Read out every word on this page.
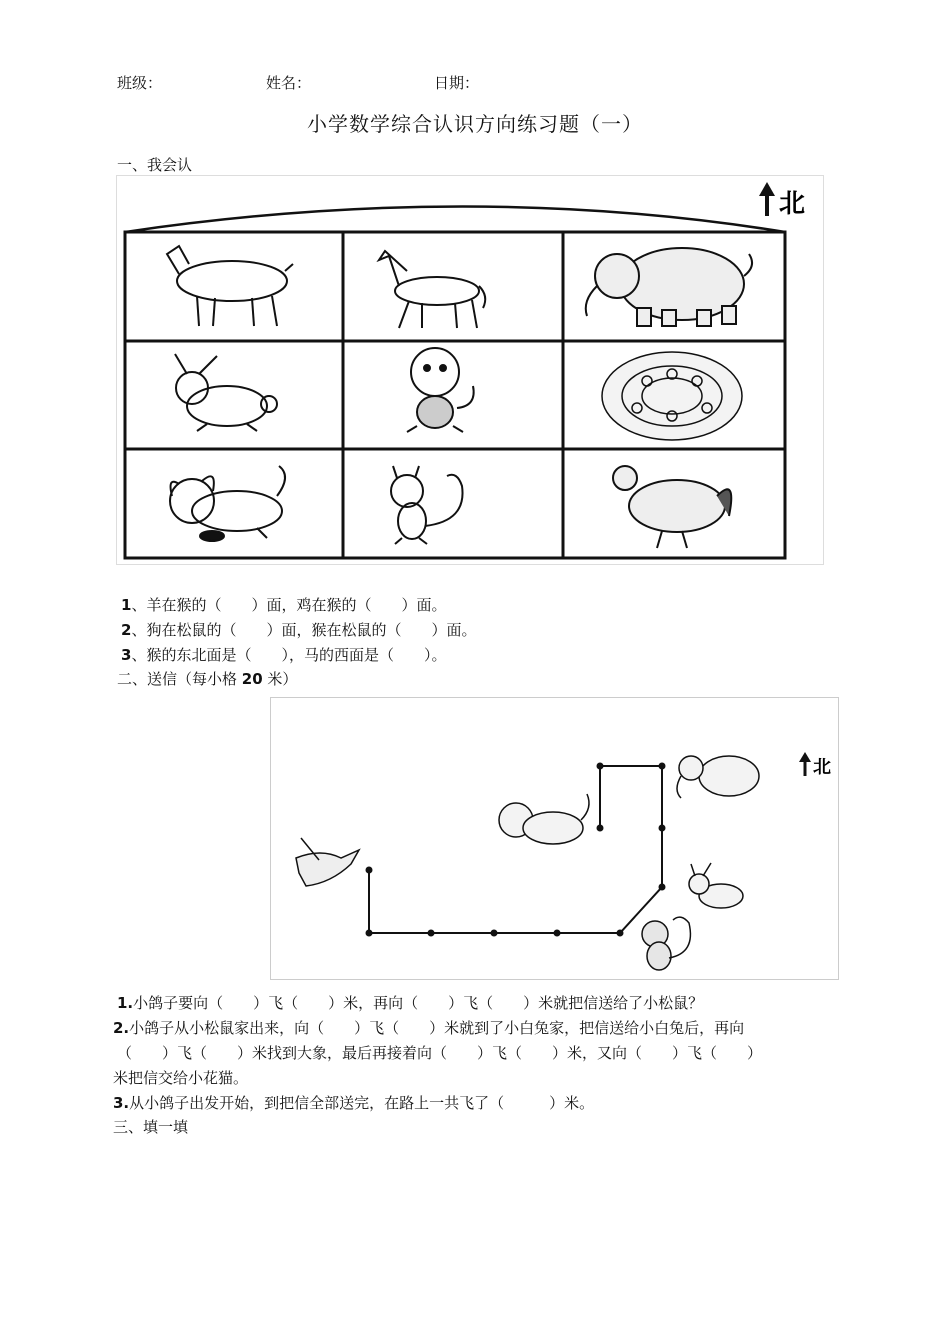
班级：	姓名：	日期：
小学数学综合认识方向练习题（一）
一、我会认
北
1、羊在猴的（　　）面，鸡在猴的（　　）面。
2、狗在松鼠的（　　）面，猴在松鼠的（　　）面。
3、猴的东北面是（　　），马的西面是（　　）。
二、送信（每小格 20 米）
北
1.小鸽子要向（　　）飞（　　）米，再向（　　）飞（　　）米就把信送给了小松鼠？
2.小鸽子从小松鼠家出来，向（　　）飞（　　）米就到了小白兔家，把信送给小白兔后，再向
（　　）飞（　　）米找到大象，最后再接着向（　　）飞（　　）米，又向（　　）飞（　　）
米把信交给小花猫。
3.从小鸽子出发开始，到把信全部送完，在路上一共飞了（　　　）米。
三、填一填
